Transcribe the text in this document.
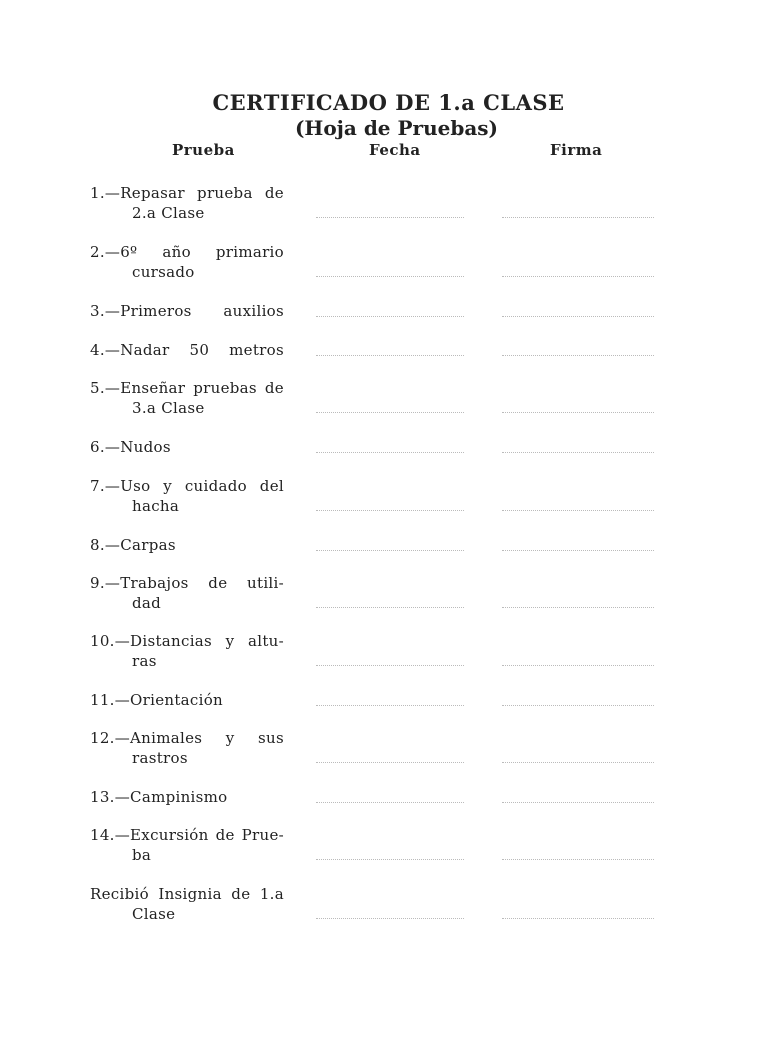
CERTIFICADO DE 1.a CLASE
(Hoja de Pruebas)
Prueba	Fecha	Firma
1.—Repasar prueba de
2.a Clase
2.—6º año primario
cursado
3.—Primeros auxilios
4.—Nadar 50 metros
5.—Enseñar pruebas de
3.a Clase
6.—Nudos
7.—Uso y cuidado del
hacha
8.—Carpas
9.—Trabajos de utili-
dad
10.—Distancias y altu-
ras
11.—Orientación
12.—Animales y sus
rastros
13.—Campinismo
14.—Excursión de Prue-
ba
Recibió Insignia de 1.a
Clase
